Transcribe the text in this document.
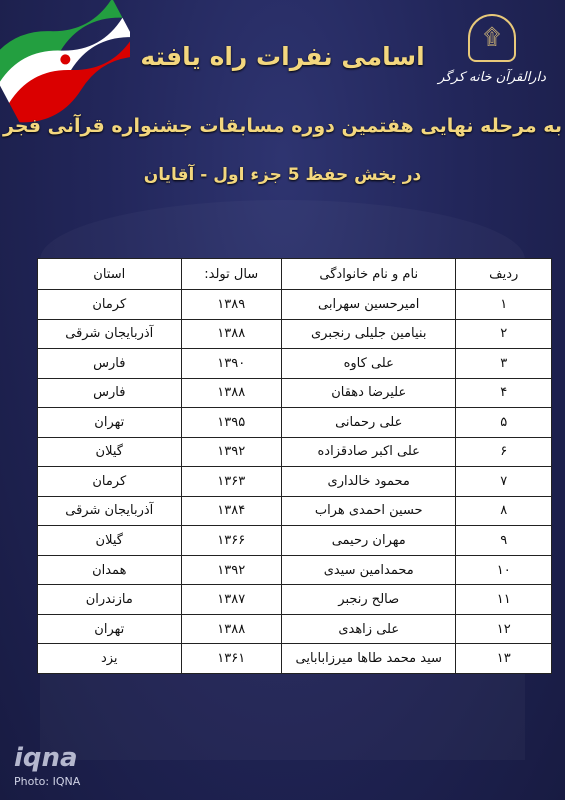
۩
دارالقرآن خانه کرگر
اسامی نفرات راه یافته
به مرحله نهایی هفتمین دوره مسابقات جشنواره قرآنی فجر
در بخش حفظ 5 جزء اول - آقایان
ردیف	نام و نام خانوادگی	سال تولد:	استان
۱	امیرحسین سهرابی	۱۳۸۹	کرمان
۲	بنیامین جلیلی رنجبری	۱۳۸۸	آذربایجان شرقی
۳	علی کاوه	۱۳۹۰	فارس
۴	علیرضا دهقان	۱۳۸۸	فارس
۵	علی رحمانی	۱۳۹۵	تهران
۶	علی اکبر صادقزاده	۱۳۹۲	گیلان
۷	محمود خالداری	۱۳۶۳	کرمان
۸	حسین احمدی هراب	۱۳۸۴	آذربایجان شرقی
۹	مهران رحیمی	۱۳۶۶	گیلان
۱۰	محمدامین سیدی	۱۳۹۲	همدان
۱۱	صالح رنجبر	۱۳۸۷	مازندران
۱۲	علی زاهدی	۱۳۸۸	تهران
۱۳	سید محمد طاها میرزابابایی	۱۳۶۱	یزد
iqna
Photo: IQNA
